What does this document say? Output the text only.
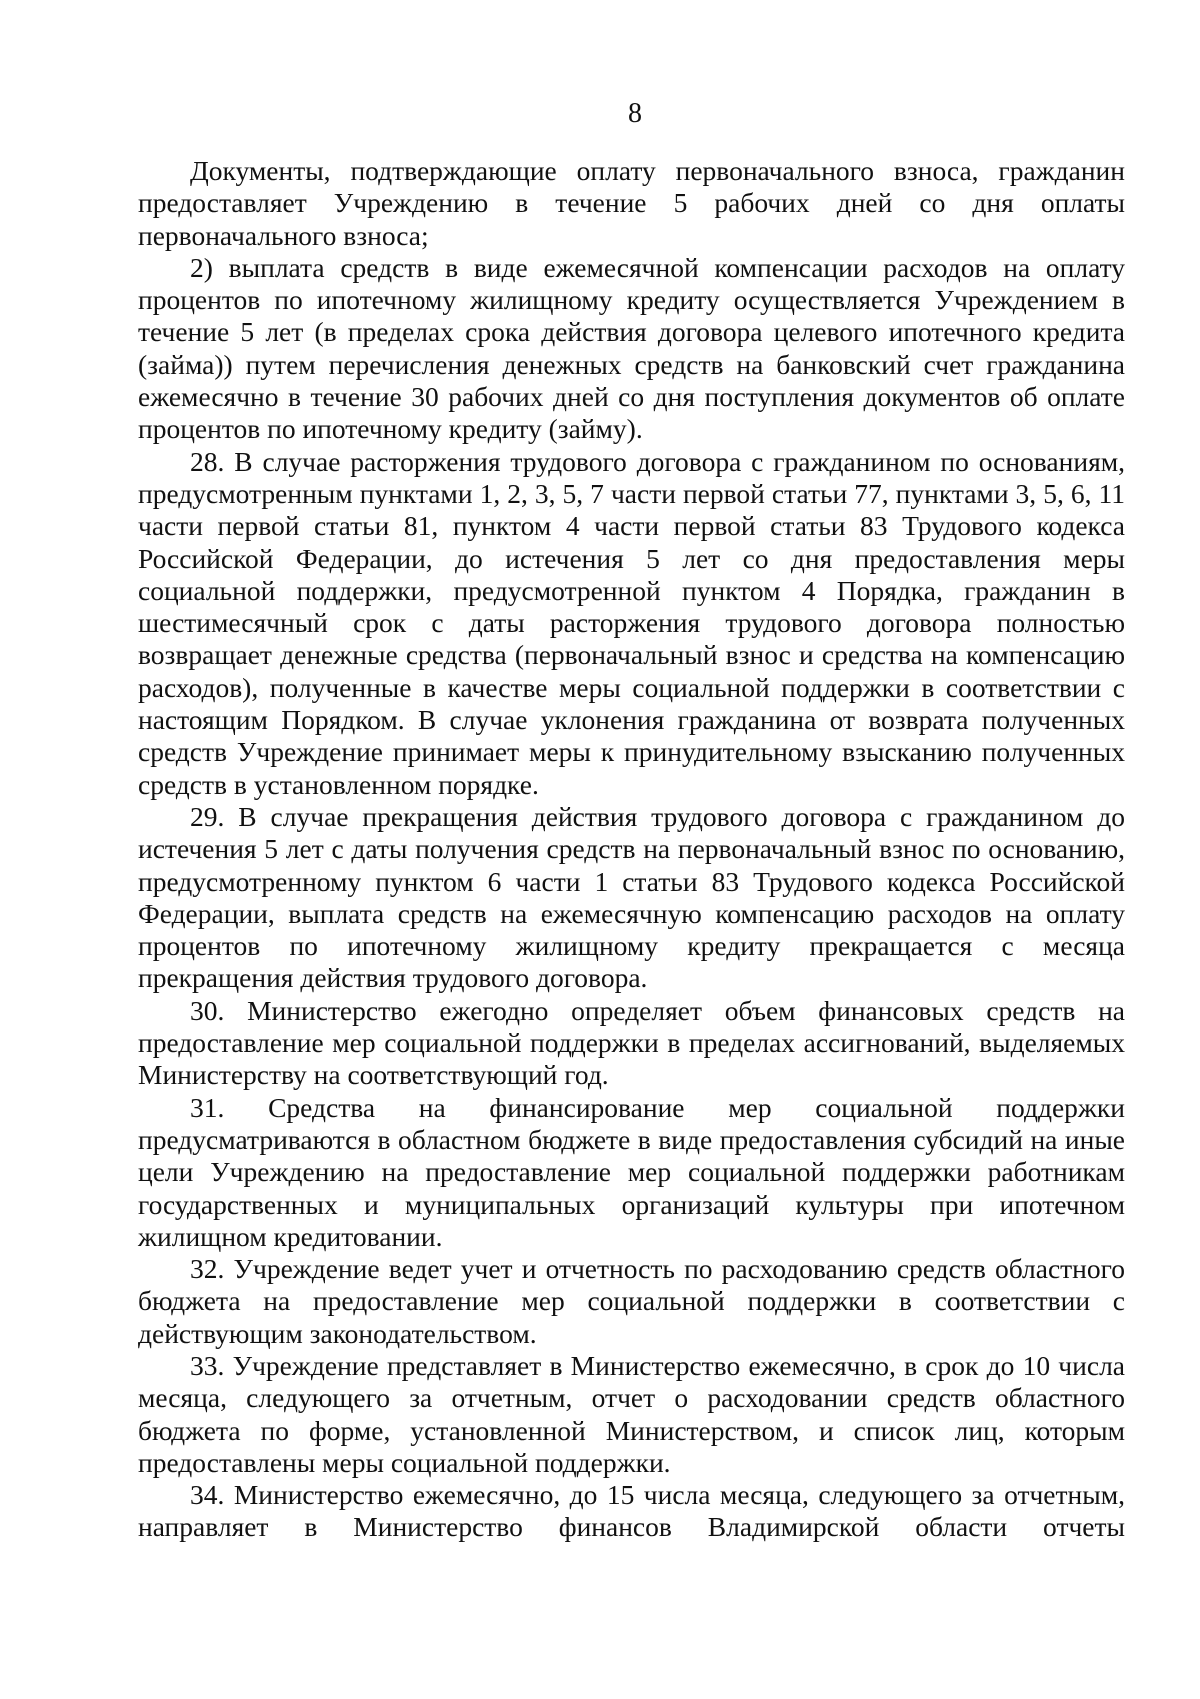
8

Документы, подтверждающие оплату первоначального взноса, гражданин предоставляет Учреждению в течение 5 рабочих дней со дня оплаты первоначального взноса;

2) выплата средств в виде ежемесячной компенсации расходов на оплату процентов по ипотечному жилищному кредиту осуществляется Учреждением в течение 5 лет (в пределах срока действия договора целевого ипотечного кредита (займа)) путем перечисления денежных средств на банковский счет гражданина ежемесячно в течение 30 рабочих дней со дня поступления документов об оплате процентов по ипотечному кредиту (займу).

28. В случае расторжения трудового договора с гражданином по основаниям, предусмотренным пунктами 1, 2, 3, 5, 7 части первой статьи 77, пунктами 3, 5, 6, 11 части первой статьи 81, пунктом 4 части первой статьи 83 Трудового кодекса Российской Федерации, до истечения 5 лет со дня предоставления меры социальной поддержки, предусмотренной пунктом 4 Порядка, гражданин в шестимесячный срок с даты расторжения трудового договора полностью возвращает денежные средства (первоначальный взнос и средства на компенсацию расходов), полученные в качестве меры социальной поддержки в соответствии с настоящим Порядком. В случае уклонения гражданина от возврата полученных средств Учреждение принимает меры к принудительному взысканию полученных средств в установленном порядке.

29. В случае прекращения действия трудового договора с гражданином до истечения 5 лет с даты получения средств на первоначальный взнос по основанию, предусмотренному пунктом 6 части 1 статьи 83 Трудового кодекса Российской Федерации, выплата средств на ежемесячную компенсацию расходов на оплату процентов по ипотечному жилищному кредиту прекращается с месяца прекращения действия трудового договора.

30. Министерство ежегодно определяет объем финансовых средств на предоставление мер социальной поддержки в пределах ассигнований, выделяемых Министерству на соответствующий год.

31. Средства на финансирование мер социальной поддержки предусматриваются в областном бюджете в виде предоставления субсидий на иные цели Учреждению на предоставление мер социальной поддержки работникам государственных и муниципальных организаций культуры при ипотечном жилищном кредитовании.

32. Учреждение ведет учет и отчетность по расходованию средств областного бюджета на предоставление мер социальной поддержки в соответствии с действующим законодательством.

33. Учреждение представляет в Министерство ежемесячно, в срок до 10 числа месяца, следующего за отчетным, отчет о расходовании средств областного бюджета по форме, установленной Министерством, и список лиц, которым предоставлены меры социальной поддержки.

34. Министерство ежемесячно, до 15 числа месяца, следующего за отчетным, направляет в Министерство финансов Владимирской области отчеты
